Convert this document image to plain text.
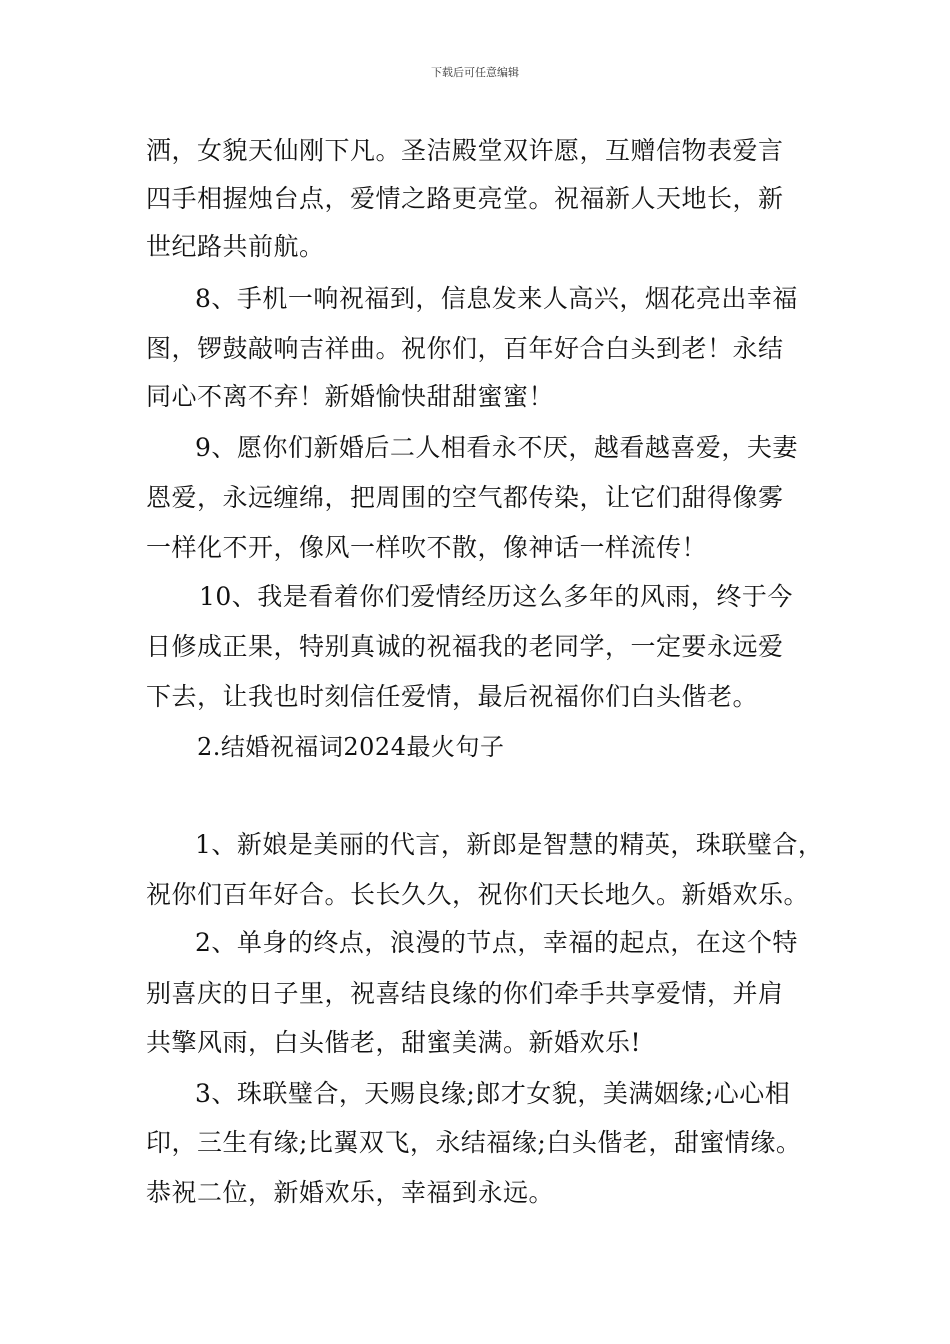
下载后可任意编辑
洒，女貌天仙刚下凡。圣洁殿堂双许愿，互赠信物表爱言
四手相握烛台点，爱情之路更亮堂。祝福新人天地长，新
世纪路共前航。
8、手机一响祝福到，信息发来人高兴，烟花亮出幸福
图，锣鼓敲响吉祥曲。祝你们，百年好合白头到老！永结
同心不离不弃！新婚愉快甜甜蜜蜜！
9、愿你们新婚后二人相看永不厌，越看越喜爱，夫妻
恩爱，永远缠绵，把周围的空气都传染，让它们甜得像雾
一样化不开，像风一样吹不散，像神话一样流传！
10、我是看着你们爱情经历这么多年的风雨，终于今
日修成正果，特别真诚的祝福我的老同学，一定要永远爱
下去，让我也时刻信任爱情，最后祝福你们白头偕老。
2.结婚祝福词2024最火句子
1、新娘是美丽的代言，新郎是智慧的精英，珠联璧合，
祝你们百年好合。长长久久，祝你们天长地久。新婚欢乐。
2、单身的终点，浪漫的节点，幸福的起点，在这个特
别喜庆的日子里，祝喜结良缘的你们牵手共享爱情，并肩
共擎风雨，白头偕老，甜蜜美满。新婚欢乐!
3、珠联璧合，天赐良缘;郎才女貌，美满姻缘;心心相
印，三生有缘;比翼双飞，永结福缘;白头偕老，甜蜜情缘。
恭祝二位，新婚欢乐，幸福到永远。
